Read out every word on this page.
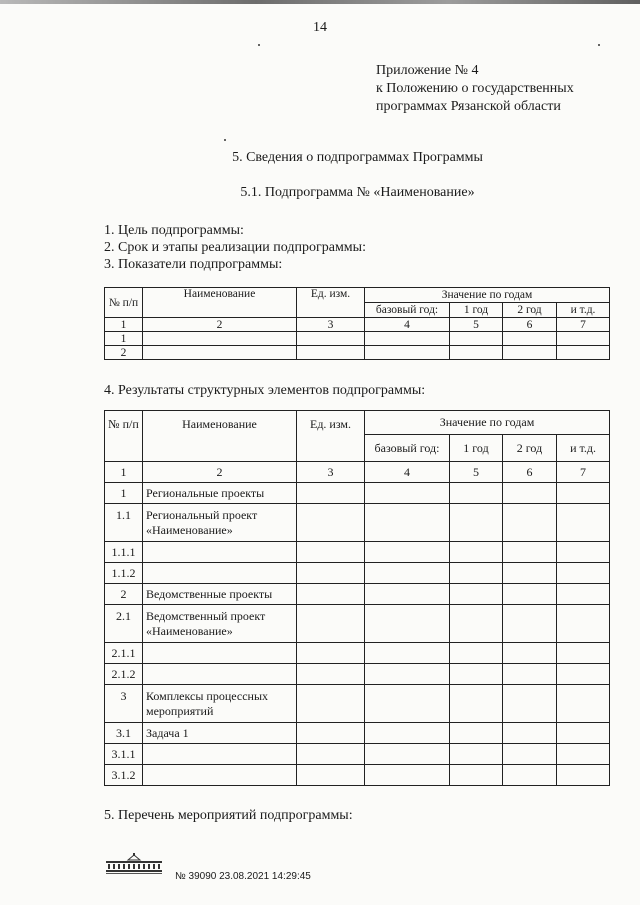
14
Приложение № 4
к Положению о государственных
программах Рязанской области
5. Сведения о подпрограммах Программы
5.1. Подпрограмма № «Наименование»
1. Цель подпрограммы:
2. Срок и этапы реализации подпрограммы:
3. Показатели подпрограммы:
№ п/п	Наименование	Ед. изм.	Значение по годам			
			базовый год:	1 год	2 год	и т.д.
1	2	3	4	5	6	7
1						
2						
4. Результаты структурных элементов подпрограммы:
№ п/п	Наименование	Ед. изм.	Значение по годам			
			базовый год:	1 год	2 год	и т.д.
1	2	3	4	5	6	7
1	Региональные проекты					
1.1	Региональный проект «Наименование»					
1.1.1						
1.1.2						
2	Ведомственные проекты					
2.1	Ведомственный проект «Наименование»					
2.1.1						
2.1.2						
3	Комплексы процессных мероприятий					
3.1	Задача 1					
3.1.1						
3.1.2						
5. Перечень мероприятий подпрограммы:
№ 39090 23.08.2021 14:29:45
